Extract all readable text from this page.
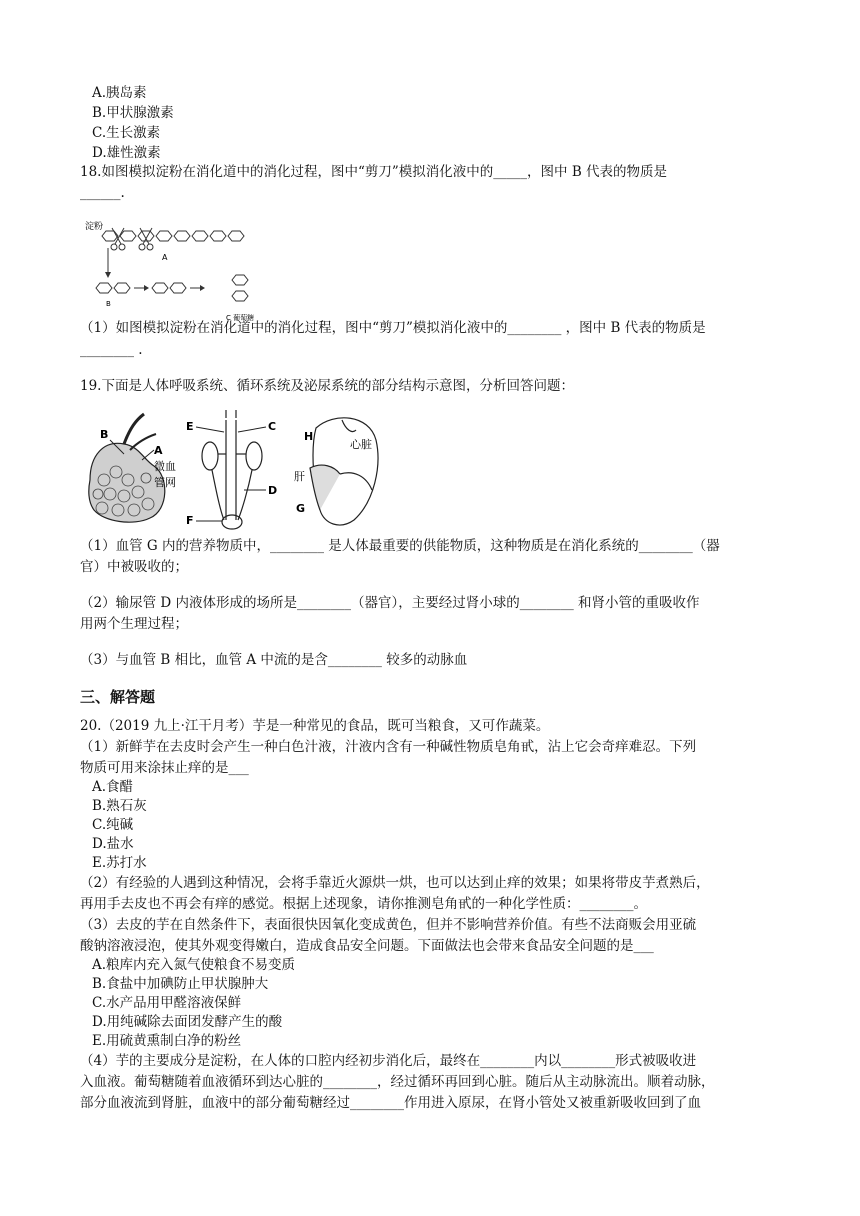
A.胰岛素
B.甲状腺激素
C.生长激素
D.雄性激素
18.如图模拟淀粉在消化道中的消化过程，图中“剪刀”模拟消化液中的_____，图中 B 代表的物质是
______.
淀粉
A
B
C 葡萄糖
（1）如图模拟淀粉在消化道中的消化过程，图中“剪刀”模拟消化液中的________ ，图中 B 代表的物质是
________ .
19.下面是人体呼吸系统、循环系统及泌尿系统的部分结构示意图，分析回答问题：
B
A
微血
管网
E	C
D
F
H
心脏
肝
G
（1）血管 G 内的营养物质中，________ 是人体最重要的供能物质，这种物质是在消化系统的________（器
官）中被吸收的；
（2）输尿管 D 内液体形成的场所是________（器官），主要经过肾小球的________ 和肾小管的重吸收作
用两个生理过程；
（3）与血管 B 相比，血管 A 中流的是含________ 较多的动脉血
三、解答题
20.（2019 九上·江干月考）芋是一种常见的食品，既可当粮食，又可作蔬菜。
（1）新鲜芋在去皮时会产生一种白色汁液，汁液内含有一种碱性物质皂角甙，沾上它会奇痒难忍。下列
物质可用来涂抹止痒的是___
A.食醋
B.熟石灰
C.纯碱
D.盐水
E.苏打水
（2）有经验的人遇到这种情况，会将手靠近火源烘一烘，也可以达到止痒的效果；如果将带皮芋煮熟后，
再用手去皮也不再会有痒的感觉。根据上述现象，请你推测皂角甙的一种化学性质：________。
（3）去皮的芋在自然条件下，表面很快因氧化变成黄色，但并不影响营养价值。有些不法商贩会用亚硫
酸钠溶液浸泡，使其外观变得嫩白，造成食品安全问题。下面做法也会带来食品安全问题的是___
A.粮库内充入氮气使粮食不易变质
B.食盐中加碘防止甲状腺肿大
C.水产品用甲醛溶液保鲜
D.用纯碱除去面团发酵产生的酸
E.用硫黄熏制白净的粉丝
（4）芋的主要成分是淀粉，在人体的口腔内经初步消化后，最终在________内以________形式被吸收进
入血液。葡萄糖随着血液循环到达心脏的________，经过循环再回到心脏。随后从主动脉流出。顺着动脉，
部分血液流到肾脏，血液中的部分葡萄糖经过________作用进入原尿，在肾小管处又被重新吸收回到了血
